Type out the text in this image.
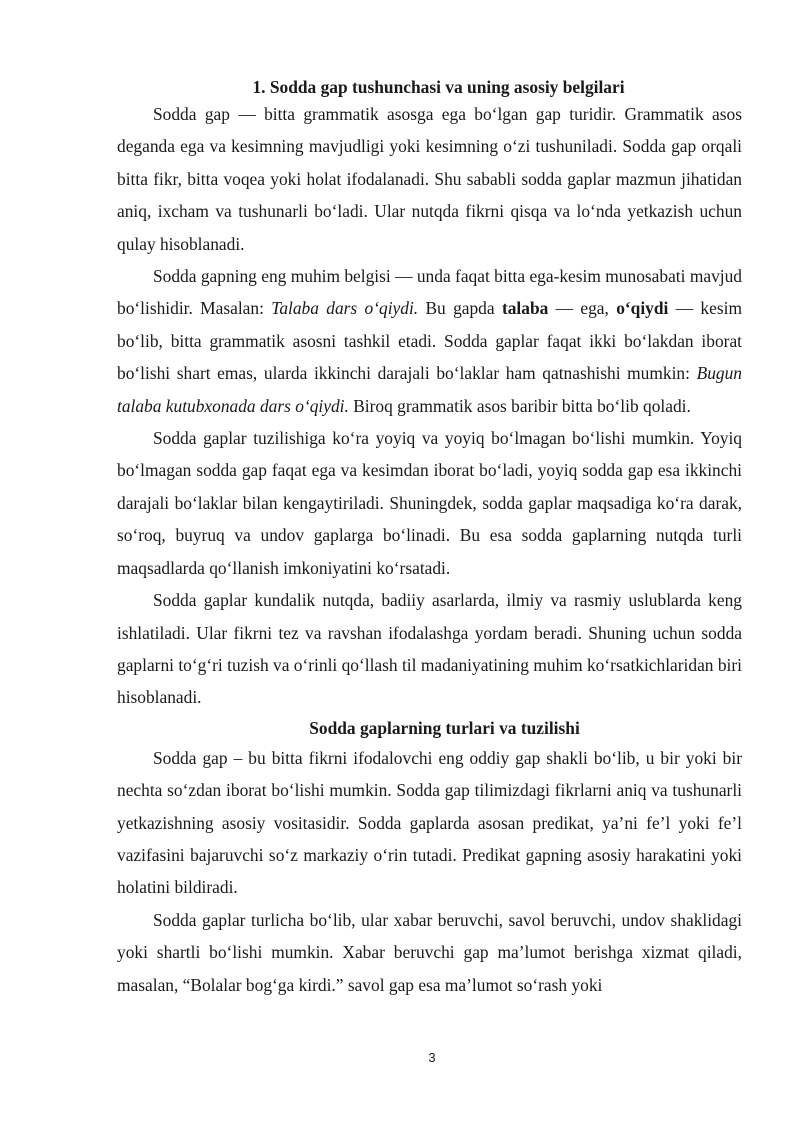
1. Sodda gap tushunchasi va uning asosiy belgilari

Sodda gap — bitta grammatik asosga ega bo‘lgan gap turidir. Grammatik asos deganda ega va kesimning mavjudligi yoki kesimning o‘zi tushuniladi. Sodda gap orqali bitta fikr, bitta voqea yoki holat ifodalanadi. Shu sababli sodda gaplar mazmun jihatidan aniq, ixcham va tushunarli bo‘ladi. Ular nutqda fikrni qisqa va lo‘nda yetkazish uchun qulay hisoblanadi.

Sodda gapning eng muhim belgisi — unda faqat bitta ega-kesim munosabati mavjud bo‘lishidir. Masalan: Talaba dars o‘qiydi. Bu gapda talaba — ega, o‘qiydi — kesim bo‘lib, bitta grammatik asosni tashkil etadi. Sodda gaplar faqat ikki bo‘lakdan iborat bo‘lishi shart emas, ularda ikkinchi darajali bo‘laklar ham qatnashishi mumkin: Bugun talaba kutubxonada dars o‘qiydi. Biroq grammatik asos baribir bitta bo‘lib qoladi.

Sodda gaplar tuzilishiga ko‘ra yoyiq va yoyiq bo‘lmagan bo‘lishi mumkin. Yoyiq bo‘lmagan sodda gap faqat ega va kesimdan iborat bo‘ladi, yoyiq sodda gap esa ikkinchi darajali bo‘laklar bilan kengaytiriladi. Shuningdek, sodda gaplar maqsadiga ko‘ra darak, so‘roq, buyruq va undov gaplarga bo‘linadi. Bu esa sodda gaplarning nutqda turli maqsadlarda qo‘llanish imkoniyatini ko‘rsatadi.

Sodda gaplar kundalik nutqda, badiiy asarlarda, ilmiy va rasmiy uslublarda keng ishlatiladi. Ular fikrni tez va ravshan ifodalashga yordam beradi. Shuning uchun sodda gaplarni to‘g‘ri tuzish va o‘rinli qo‘llash til madaniyatining muhim ko‘rsatkichlaridan biri hisoblanadi.

Sodda gaplarning turlari va tuzilishi

Sodda gap – bu bitta fikrni ifodalovchi eng oddiy gap shakli bo‘lib, u bir yoki bir nechta so‘zdan iborat bo‘lishi mumkin. Sodda gap tilimizdagi fikrlarni aniq va tushunarli yetkazishning asosiy vositasidir. Sodda gaplarda asosan predikat, ya’ni fe’l yoki fe’l vazifasini bajaruvchi so‘z markaziy o‘rin tutadi. Predikat gapning asosiy harakatini yoki holatini bildiradi.

Sodda gaplar turlicha bo‘lib, ular xabar beruvchi, savol beruvchi, undov shaklidagi yoki shartli bo‘lishi mumkin. Xabar beruvchi gap ma’lumot berishga xizmat qiladi, masalan, “Bolalar bog‘ga kirdi.” savol gap esa ma’lumot so‘rash yoki

3
